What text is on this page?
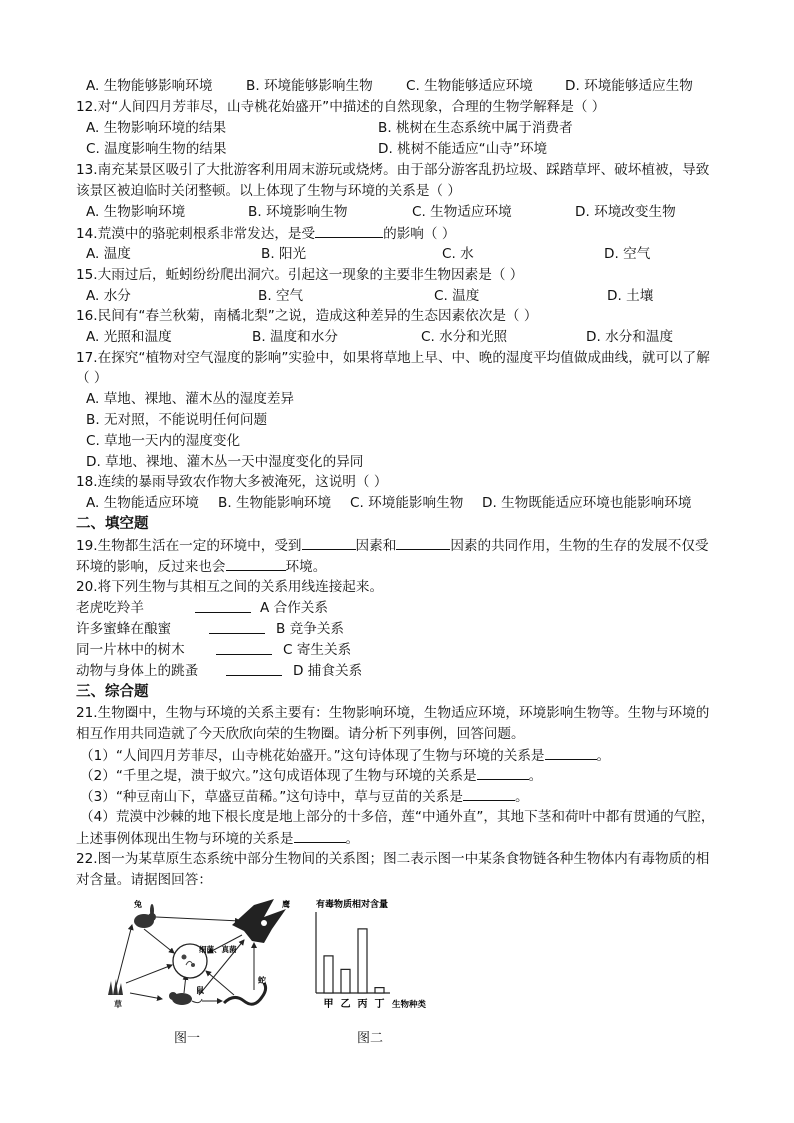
A. 生物能够影响环境 B. 环境能够影响生物 C. 生物能够适应环境 D. 环境能够适应生物
12.对“人间四月芳菲尽，山寺桃花始盛开”中描述的自然现象，合理的生物学解释是（ ）
A. 生物影响环境的结果	B. 桃树在生态系统中属于消费者
C. 温度影响生物的结果	D. 桃树不能适应“山寺”环境
13.南充某景区吸引了大批游客利用周末游玩或烧烤。由于部分游客乱扔垃圾、踩踏草坪、破坏植被，导致
该景区被迫临时关闭整顿。以上体现了生物与环境的关系是（ ）
A. 生物影响环境	B. 环境影响生物	C. 生物适应环境	D. 环境改变生物
14.荒漠中的骆驼刺根系非常发达，是受	的影响（ ）
A. 温度	B. 阳光	C. 水	D. 空气
15.大雨过后，蚯蚓纷纷爬出洞穴。引起这一现象的主要非生物因素是（ ）
A. 水分	B. 空气	C. 温度	D. 土壤
16.民间有“春兰秋菊，南橘北梨”之说，造成这种差异的生态因素依次是（ ）
A. 光照和温度	B. 温度和水分	C. 水分和光照	D. 水分和温度
17.在探究“植物对空气湿度的影响”实验中，如果将草地上早、中、晚的湿度平均值做成曲线，就可以了解
（ ）
A. 草地、裸地、灌木丛的湿度差异
B. 无对照，不能说明任何问题
C. 草地一天内的湿度变化
D. 草地、裸地、灌木丛一天中湿度变化的异同
18.连续的暴雨导致农作物大多被淹死，这说明（ ）
A. 生物能适应环境 B. 生物能影响环境 C. 环境能影响生物 D. 生物既能适应环境也能影响环境
二、填空题
19.生物都生活在一定的环境中，受到	因素和	因素的共同作用，生物的生存的发展不仅受
环境的影响，反过来也会	环境。
20.将下列生物与其相互之间的关系用线连接起来。
老虎吃羚羊	A 合作关系
许多蜜蜂在酿蜜	B 竞争关系
同一片林中的树木	C 寄生关系
动物与身体上的跳蚤	D 捕食关系
三、综合题
21.生物圈中，生物与环境的关系主要有：生物影响环境，生物适应环境，环境影响生物等。生物与环境的
相互作用共同造就了今天欣欣向荣的生物圈。请分析下列事例，回答问题。
（1）“人间四月芳菲尽，山寺桃花始盛开。”这句诗体现了生物与环境的关系是	。
（2）“千里之堤，溃于蚁穴。”这句成语体现了生物与环境的关系是	。
（3）“种豆南山下，草盛豆苗稀。”这句诗中，草与豆苗的关系是	。
（4）荒漠中沙棘的地下根长度是地上部分的十多倍，莲“中通外直”，其地下茎和荷叶中都有贯通的气腔，
上述事例体现出生物与环境的关系是	。
22.图一为某草原生态系统中部分生物间的关系图；图二表示图一中某条食物链各种生物体内有毒物质的相
对含量。请据图回答：
细菌、真菌
兔	鹰
草
鼠
蛇
图一
有毒物质相对含量
甲 乙 丙 丁 生物种类
图二
